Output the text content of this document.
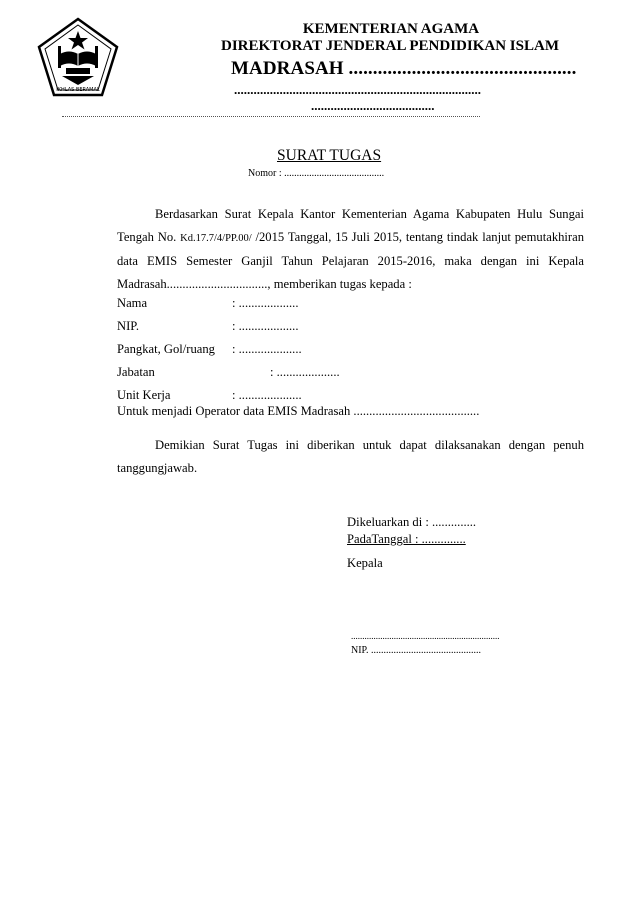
IKHLAS BERAMAL
KEMENTERIAN AGAMA
DIREKTORAT JENDERAL PENDIDIKAN ISLAM
MADRASAH ...............................................
............................................................................
......................................
SURAT TUGAS
Nomor : ........................................
Berdasarkan Surat Kepala Kantor Kementerian Agama Kabupaten Hulu Sungai Tengah No. Kd.17.7/4/PP.00/ /2015 Tanggal, 15 Juli 2015, tentang tindak lanjut pemutakhiran data EMIS Semester Ganjil Tahun Pelajaran 2015-2016, maka dengan ini Kepala Madrasah................................, memberikan tugas kepada :
Nama	: ...................
NIP.	: ...................
Pangkat, Gol/ruang : ....................
Jabatan	: ....................
Unit Kerja	: ....................
Untuk menjadi Operator data EMIS Madrasah ........................................
Demikian Surat Tugas ini diberikan untuk dapat dilaksanakan dengan penuh tanggungjawab.
Dikeluarkan di : ..............
PadaTanggal : ..............
Kepala
..................................................................
NIP. ............................................
